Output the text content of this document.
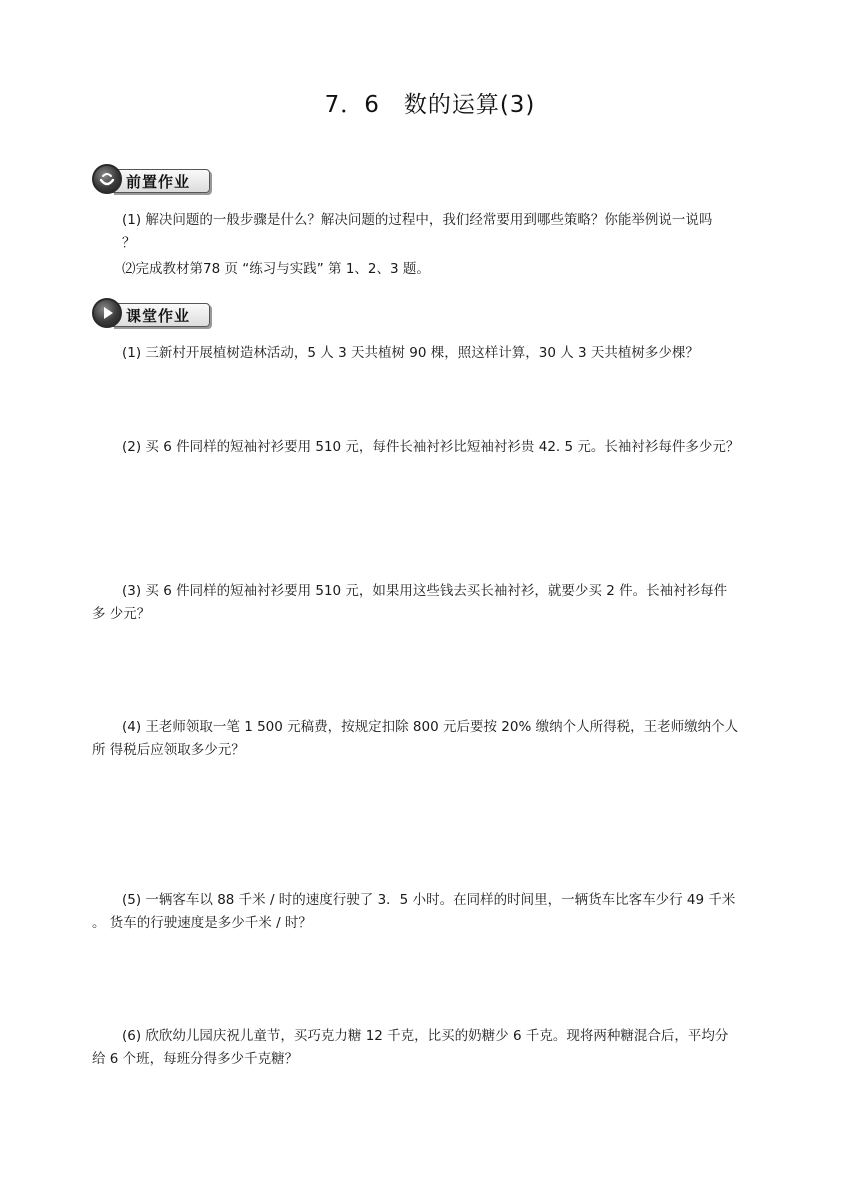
7．6　数的运算(3)
前置作业
(1) 解决问题的一般步骤是什么？解决问题的过程中，我们经常要用到哪些策略？你能举例说一说吗
？
⑵完成教材第78 页 “练习与实践” 第 1、2、3 题。
课堂作业
(1) 三新村开展植树造林活动，5 人 3 天共植树 90 棵，照这样计算，30 人 3 天共植树多少棵？
(2) 买 6 件同样的短袖衬衫要用 510 元，每件长袖衬衫比短袖衬衫贵 42. 5 元。长袖衬衫每件多少元？
(3) 买 6 件同样的短袖衬衫要用 510 元，如果用这些钱去买长袖衬衫，就要少买 2 件。长袖衬衫每件
多 少元？
(4) 王老师领取一笔 1 500 元稿费，按规定扣除 800 元后要按 20% 缴纳个人所得税，王老师缴纳个人
所 得税后应领取多少元？
(5) 一辆客车以 88 千米 / 时的速度行驶了 3．5 小时。在同样的时间里，一辆货车比客车少行 49 千米
。 货车的行驶速度是多少千米 / 时？
(6) 欣欣幼儿园庆祝儿童节，买巧克力糖 12 千克，比买的奶糖少 6 千克。现将两种糖混合后，平均分
给 6 个班，每班分得多少千克糖？
